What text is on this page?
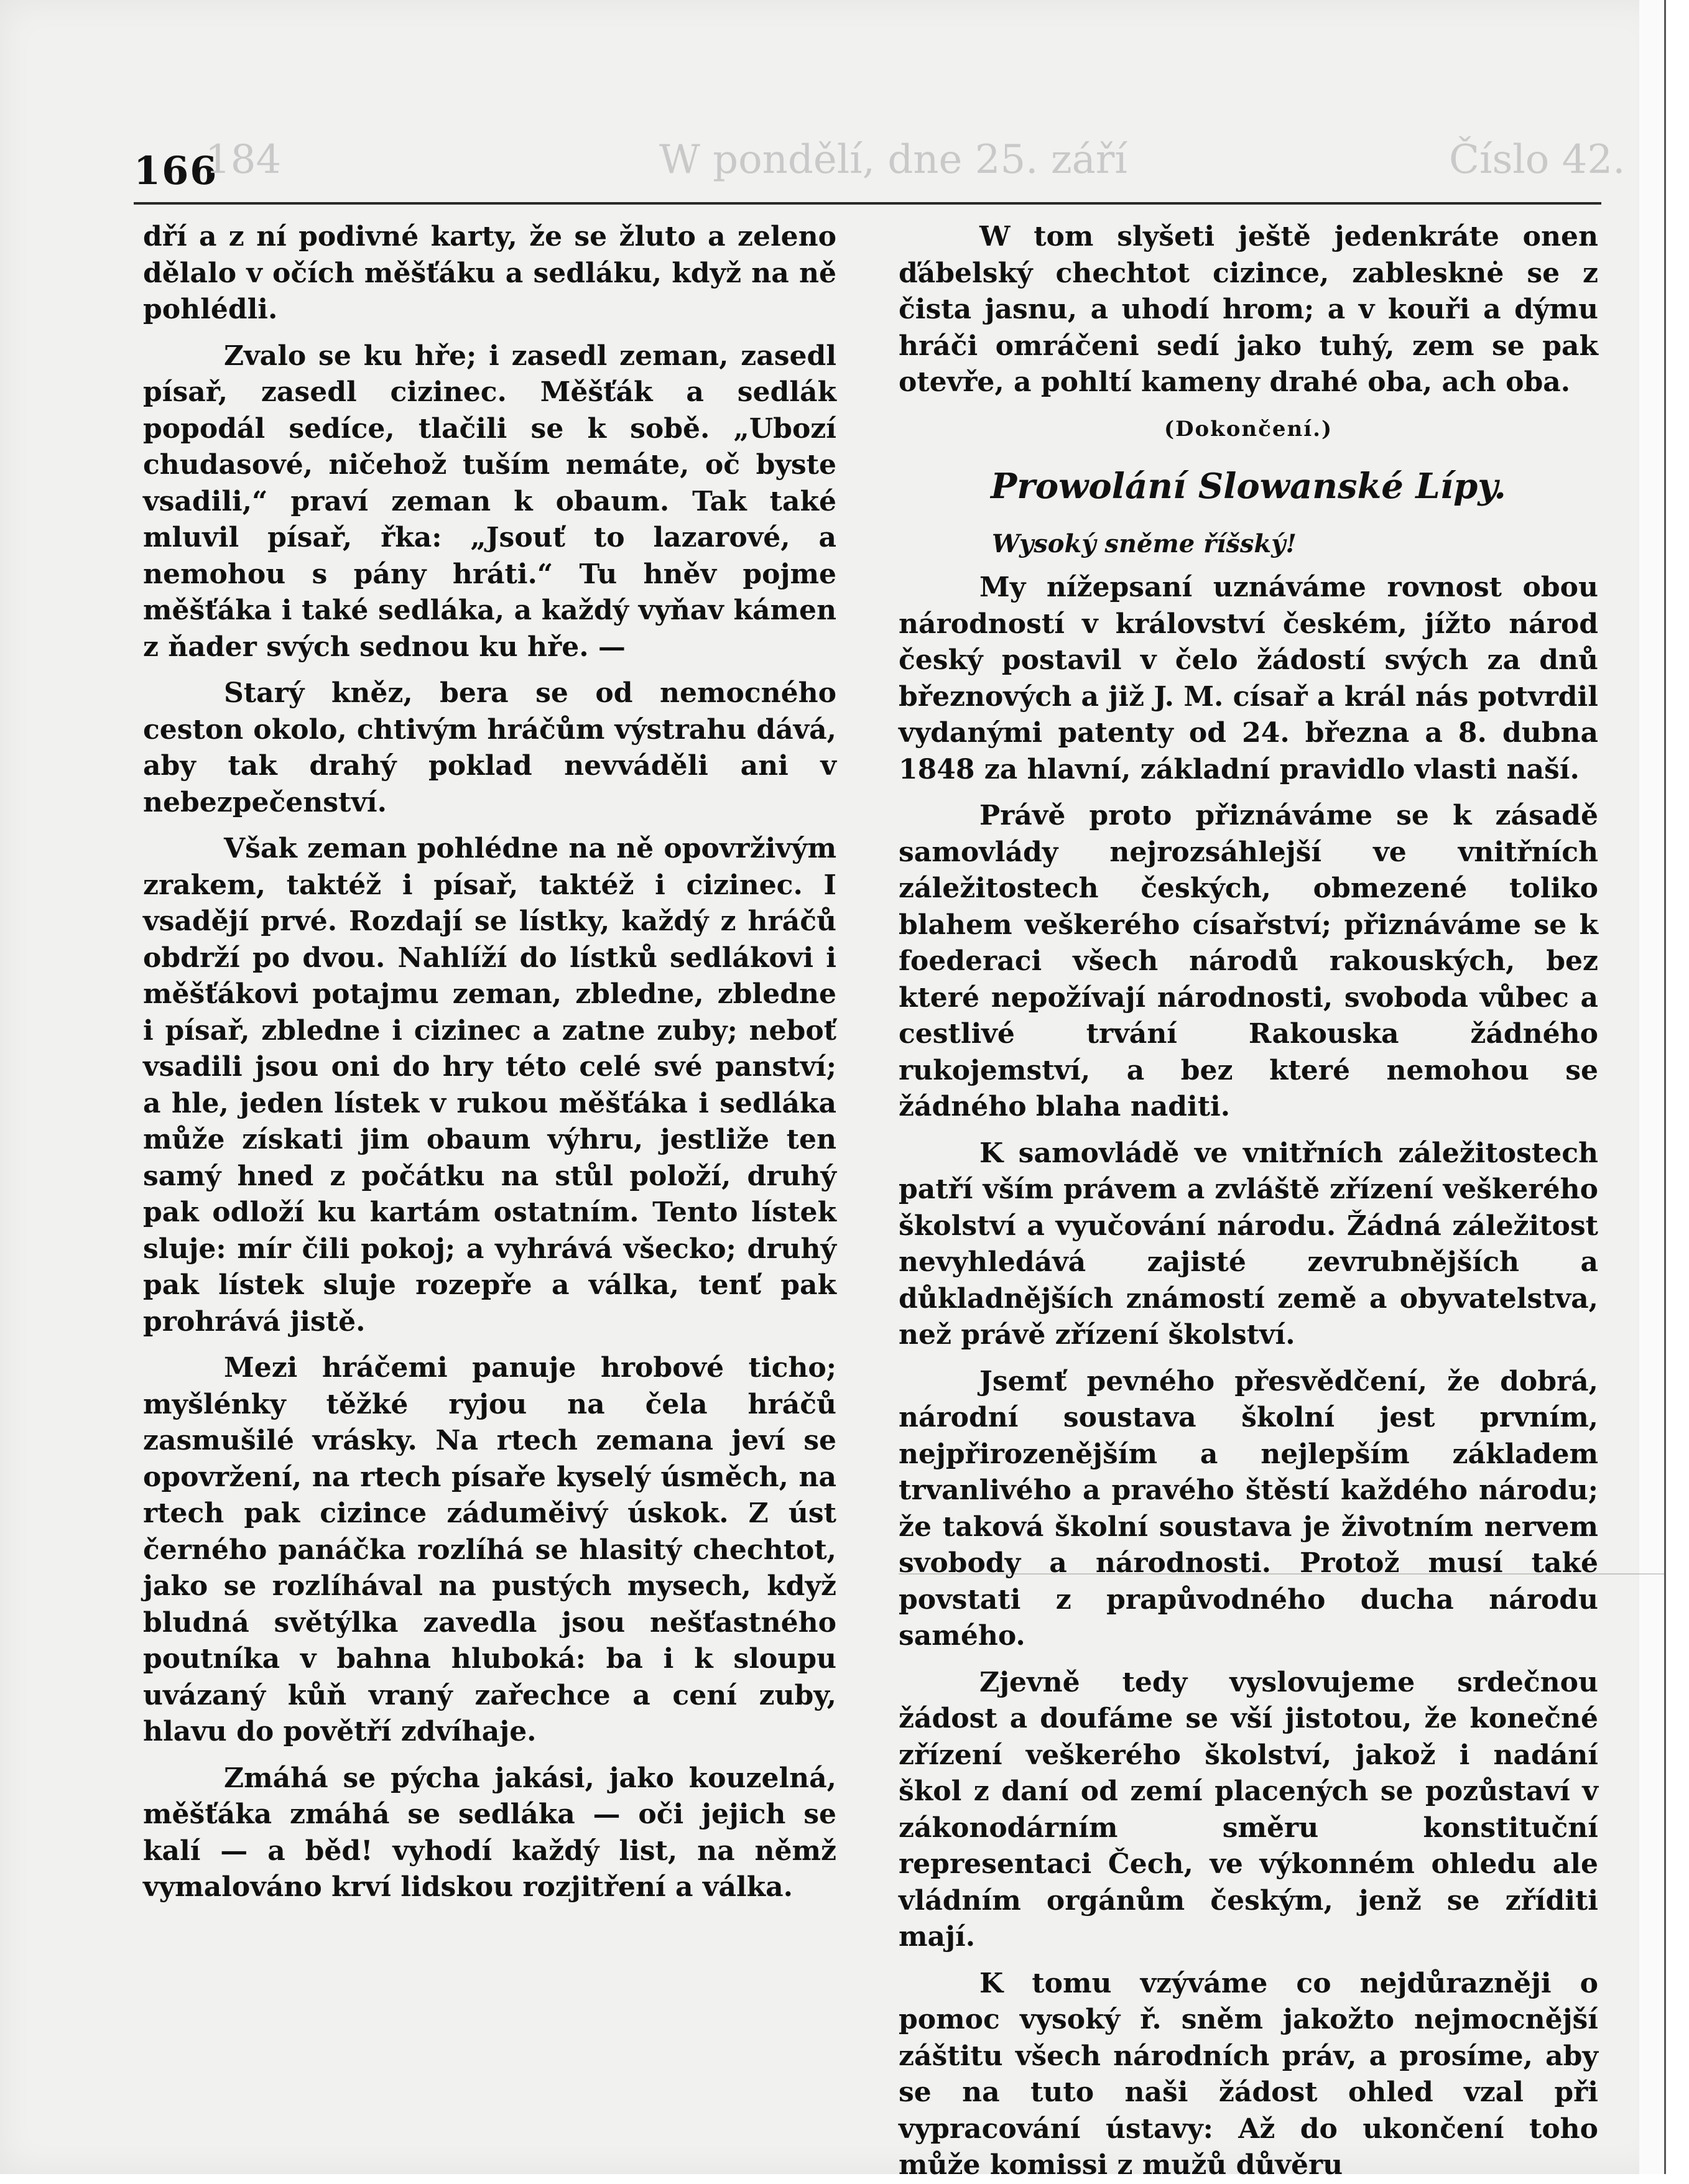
166
184	W pondělí, dne 25. září	Číslo 42.

dří a z ní podivné karty, že se žluto a zeleno dělalo v očích měšťáku a sedláku, když na ně pohlédli.

Zvalo se ku hře; i zasedl zeman, zasedl písař, zasedl cizinec. Měšťák a sedlák popodál sedíce, tlačili se k sobě. „Ubozí chudasové, ničehož tuším nemáte, oč byste vsadili,“ praví zeman k obaum. Tak také mluvil písař, řka: „Jsouť to lazarové, a nemohou s pány hráti.“ Tu hněv pojme měšťáka i také sedláka, a každý vyňav kámen z ňader svých sednou ku hře. —

Starý kněz, bera se od nemocného ceston okolo, chtivým hráčům výstrahu dává, aby tak drahý poklad nevváděli ani v nebezpečenství.

Však zeman pohlédne na ně opovrživým zrakem, taktéž i písař, taktéž i cizinec. I vsadějí prvé. Rozdají se lístky, každý z hráčů obdrží po dvou. Nahlíží do lístků sedlákovi i měšťákovi potajmu zeman, zbledne, zbledne i písař, zbledne i cizinec a zatne zuby; neboť vsadili jsou oni do hry této celé své panství; a hle, jeden lístek v rukou měšťáka i sedláka může získati jim obaum výhru, jestliže ten samý hned z počátku na stůl položí, druhý pak odloží ku kartám ostatním. Tento lístek sluje: mír čili pokoj; a vyhrává všecko; druhý pak lístek sluje rozepře a válka, tenť pak prohrává jistě.

Mezi hráčemi panuje hrobové ticho; myšlénky těžké ryjou na čela hráčů zasmušilé vrásky. Na rtech zemana jeví se opovržení, na rtech písaře kyselý úsměch, na rtech pak cizince záduměivý úskok. Z úst černého panáčka rozlíhá se hlasitý chechtot, jako se rozlíhával na pustých mysech, když bludná světýlka zavedla jsou nešťastného poutníka v bahna hluboká: ba i k sloupu uvázaný kůň vraný zařechce a cení zuby, hlavu do povětří zdvíhaje.

Zmáhá se pýcha jakási, jako kouzelná, měšťáka zmáhá se sedláka — oči jejich se kalí — a běd! vyhodí každý list, na němž vymalováno krví lidskou rozjitření a válka.

W tom slyšeti ještě jedenkráte onen ďábelský chechtot cizince, zablesknė se z čista jasnu, a uhodí hrom; a v kouři a dýmu hráči omráčeni sedí jako tuhý, zem se pak otevře, a pohltí kameny drahé oba, ach oba.

(Dokončení.)
Prowolání Slowanské Lípy.
Wysoký sněme říšský!

My nížepsaní uznáváme rovnost obou národností v království českém, jížto národ český postavil v čelo žádostí svých za dnů březnových a již J. M. císař a král nás potvrdil vydanými patenty od 24. března a 8. dubna 1848 za hlavní, základní pravidlo vlasti naší.

Právě proto přiznáváme se k zásadě samovlády nejrozsáhlejší ve vnitřních záležitostech českých, obmezené toliko blahem veškerého císařství; přiznáváme se k foederaci všech národů rakouských, bez které nepožívají národnosti, svoboda vůbec a cestlivé trvání Rakouska žádného rukojemství, a bez které nemohou se žádného blaha naditi.

K samovládě ve vnitřních záležitostech patří vším právem a zvláště zřízení veškerého školství a vyučování národu. Žádná záležitost nevyhledává zajisté zevrubnějších a důkladnějších známostí země a obyvatelstva, než právě zřízení školství.

Jsemť pevného přesvědčení, že dobrá, národní soustava školní jest prvním, nejpřirozenějším a nejlepším základem trvanlivého a pravého štěstí každého národu; že taková školní soustava je životním nervem svobody a národnosti. Protož musí také povstati z prapůvodného ducha národu samého.

Zjevně tedy vyslovujeme srdečnou žádost a doufáme se vší jistotou, že konečné zřízení veškerého školství, jakož i nadání škol z daní od zemí placených se pozůstaví v zákonodárním směru konstituční representaci Čech, ve výkonném ohledu ale vládním orgánům českým, jenž se zříditi mají.

K tomu vzýváme co nejdůrazněji o pomoc vysoký ř. sněm jakožto nejmocnější záštitu všech národních práv, a prosíme, aby se na tuto naši žádost ohled vzal při vypracování ústavy: Až do ukončení toho může komissi z mužů důvěru
